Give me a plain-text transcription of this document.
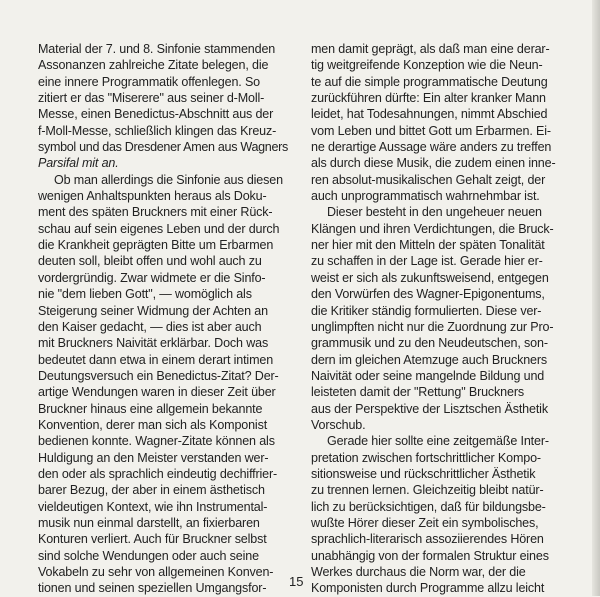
Material der 7. und 8. Sinfonie stammenden
Assonanzen zahlreiche Zitate belegen, die
eine innere Programmatik offenlegen. So
zitiert er das "Miserere" aus seiner d-Moll-
Messe, einen Benedictus-Abschnitt aus der
f-Moll-Messe, schließlich klingen das Kreuz-
symbol und das Dresdener Amen aus Wagners
Parsifal mit an.
Ob man allerdings die Sinfonie aus diesen
wenigen Anhaltspunkten heraus als Doku-
ment des späten Bruckners mit einer Rück-
schau auf sein eigenes Leben und der durch
die Krankheit geprägten Bitte um Erbarmen
deuten soll, bleibt offen und wohl auch zu
vordergründig. Zwar widmete er die Sinfo-
nie "dem lieben Gott", — womöglich als
Steigerung seiner Widmung der Achten an
den Kaiser gedacht, — dies ist aber auch
mit Bruckners Naivität erklärbar. Doch was
bedeutet dann etwa in einem derart intimen
Deutungsversuch ein Benedictus-Zitat? Der-
artige Wendungen waren in dieser Zeit über
Bruckner hinaus eine allgemein bekannte
Konvention, derer man sich als Komponist
bedienen konnte. Wagner-Zitate können als
Huldigung an den Meister verstanden wer-
den oder als sprachlich eindeutig dechiffrier-
barer Bezug, der aber in einem ästhetisch
vieldeutigen Kontext, wie ihn Instrumental-
musik nun einmal darstellt, an fixierbaren
Konturen verliert. Auch für Bruckner selbst
sind solche Wendungen oder auch seine
Vokabeln zu sehr von allgemeinen Konven-
tionen und seinen speziellen Umgangsfor-
men damit geprägt, als daß man eine derar-
tig weitgreifende Konzeption wie die Neun-
te auf die simple programmatische Deutung
zurückführen dürfte: Ein alter kranker Mann
leidet, hat Todesahnungen, nimmt Abschied
vom Leben und bittet Gott um Erbarmen. Ei-
ne derartige Aussage wäre anders zu treffen
als durch diese Musik, die zudem einen inne-
ren absolut-musikalischen Gehalt zeigt, der
auch unprogrammatisch wahrnehmbar ist.
Dieser besteht in den ungeheuer neuen
Klängen und ihren Verdichtungen, die Bruck-
ner hier mit den Mitteln der späten Tonalität
zu schaffen in der Lage ist. Gerade hier er-
weist er sich als zukunftsweisend, entgegen
den Vorwürfen des Wagner-Epigonentums,
die Kritiker ständig formulierten. Diese ver-
unglimpften nicht nur die Zuordnung zur Pro-
grammusik und zu den Neudeutschen, son-
dern im gleichen Atemzuge auch Bruckners
Naivität oder seine mangelnde Bildung und
leisteten damit der "Rettung" Bruckners
aus der Perspektive der Lisztschen Ästhetik
Vorschub.
Gerade hier sollte eine zeitgemäße Inter-
pretation zwischen fortschrittlicher Kompo-
sitionsweise und rückschrittlicher Ästhetik
zu trennen lernen. Gleichzeitig bleibt natür-
lich zu berücksichtigen, daß für bildungsbe-
wußte Hörer dieser Zeit ein symbolisches,
sprachlich-literarisch assoziierendes Hören
unabhängig von der formalen Struktur eines
Werkes durchaus die Norm war, der die
Komponisten durch Programme allzu leicht
15
